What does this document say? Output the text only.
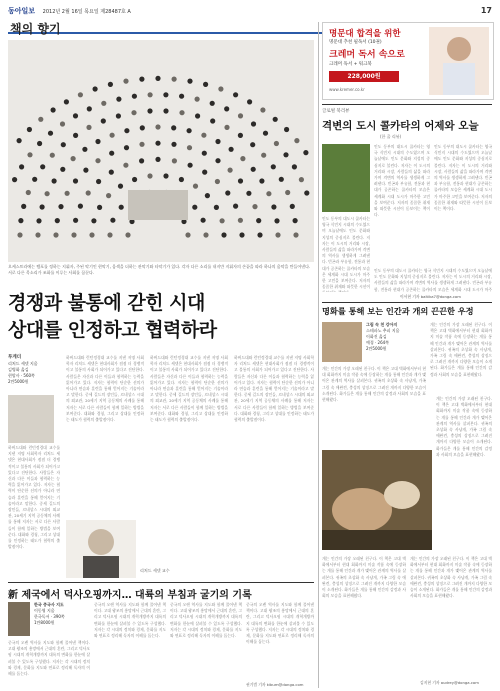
동아일보 2012년 2월 16일 목요일 제28487호 A	17
책의 향기
오케스트라에는 템포를 정하는 지휘자, 주된 악기인 현악기, 음색을 더하는 관악기와 타악기가 있다. 각자 다른 소리를 내지만 지휘자의 손끝을 따라 하나의 음악을 만들어낸다. 서로 다른 목소리가 조화를 이루는 사회를 꿈꾼다.
경쟁과 불통에 갇힌 시대
상대를 인정하고 협력하라
투게더
리처드 세넷 지음
김병화 옮김
현암사 · 560쪽
2만5000원
하버드대와 런던정경대 교수를 지낸 저명 사회학자 리처드 세넷은 현대사회가 점점 더 경쟁적이고 불통의 사회가 되어가고 있다고 진단한다. 사람들은 자신과 다른 이들과 협력하는 능력을 잃어가고 있다. 저자는 협력이 단순한 선의가 아니라 연습과 훈련을 통해 얻어지는 기술이라고 말한다. 중세 길드의 장인들, 르네상스 시대의 외교관, 20세기 지역 공동체의 사례를 통해 저자는 서로 다른 사람들이 함께 일하는 방법을 보여준다. 대화와 경청, 그리고 상대를 인정하는 태도가 협력의 출발점이다.
하버드대와 런던정경대 교수를 지낸 저명 사회학자 리처드 세넷은 현대사회가 점점 더 경쟁적이고 불통의 사회가 되어가고 있다고 진단한다. 사람들은 자신과 다른 이들과 협력하는 능력을 잃어가고 있다. 저자는 협력이 단순한 선의가 아니라 연습과 훈련을 통해 얻어지는 기술이라고 말한다. 중세 길드의 장인들, 르네상스 시대의 외교관, 20세기 지역 공동체의 사례를 통해 저자는 서로 다른 사람들이 함께 일하는 방법을 보여준다. 대화와 경청, 그리고 상대를 인정하는 태도가 협력의 출발점이다.
하버드대와 런던정경대 교수를 지낸 저명 사회학자 리처드 세넷은 현대사회가 점점 더 경쟁적이고 불통의 사회가 되어가고 있다고 진단한다. 사람들은 자신과 다른 이들과 협력하는 능력을 잃어가고 있다. 저자는 협력이 단순한 선의가 아니라 연습과 훈련을 통해 얻어지는 기술이라고 말한다. 중세 길드의 장인들, 르네상스 시대의 외교관, 20세기 지역 공동체의 사례를 통해 저자는 서로 다른 사람들이 함께 일하는 방법을 보여준다. 대화와 경청, 그리고 상대를 인정하는 태도가 협력의 출발점이다.
하버드대와 런던정경대 교수를 지낸 저명 사회학자 리처드 세넷은 현대사회가 점점 더 경쟁적이고 불통의 사회가 되어가고 있다고 진단한다. 사람들은 자신과 다른 이들과 협력하는 능력을 잃어가고 있다. 저자는 협력이 단순한 선의가 아니라 연습과 훈련을 통해 얻어지는 기술이라고 말한다. 중세 길드의 장인들, 르네상스 시대의 외교관, 20세기 지역 공동체의 사례를 통해 저자는 서로 다른 사람들이 함께 일하는 방법을 보여준다. 대화와 경청, 그리고 상대를 인정하는 태도가 협력의 출발점이다.
리처드 세넷 교수
新 제국에서 덕사오핑까지… 대륙의 부침과 굴기의 기록
한국 중국사 지도
이동영 지음
한국독서 · 390쪽
1만8000원
중국의 오랜 역사를 지도와 함께 풀어낸 책이다. 고대 왕조의 흥망에서 근대의 혼란, 그리고 덕사오핑 시대의 개혁개방까지 대륙의 변화를 한눈에 살펴볼 수 있도록 구성했다. 저자는 각 시대의 정치와 경제, 문화를 지도와 연표로 정리해 독자의 이해를 돕는다.
중국의 오랜 역사를 지도와 함께 풀어낸 책이다. 고대 왕조의 흥망에서 근대의 혼란, 그리고 덕사오핑 시대의 개혁개방까지 대륙의 변화를 한눈에 살펴볼 수 있도록 구성했다. 저자는 각 시대의 정치와 경제, 문화를 지도와 연표로 정리해 독자의 이해를 돕는다.
중국의 오랜 역사를 지도와 함께 풀어낸 책이다. 고대 왕조의 흥망에서 근대의 혼란, 그리고 덕사오핑 시대의 개혁개방까지 대륙의 변화를 한눈에 살펴볼 수 있도록 구성했다. 저자는 각 시대의 정치와 경제, 문화를 지도와 연표로 정리해 독자의 이해를 돕는다.
중국의 오랜 역사를 지도와 함께 풀어낸 책이다. 고대 왕조의 흥망에서 근대의 혼란, 그리고 덕사오핑 시대의 개혁개방까지 대륙의 변화를 한눈에 살펴볼 수 있도록 구성했다. 저자는 각 시대의 정치와 경제, 문화를 지도와 연표로 정리해 독자의 이해를 돕는다.
권기범 기자 kibum@donga.com
명문대 합격을 위한
명문대 추천 필독서 (10권)
크레머 독서 속으로
크레머 독서 + 워크북
228,000원
www.kremer.co.kr
글로벌 북리뷰
격변의 도시 콜카타의 어제와 오늘
(한 줄 리뷰)
인도 동부의 대도시 콜카타는 영국 식민지 시대의 수도였으며 오늘날에도 인도 문화와 지성의 중심지로 불린다. 저자는 이 도시의 거리와 시장, 사람들의 삶을 따라가며 격변의 역사를 생생하게 그려낸다. 빈곤과 부유함, 전통과 현대가 공존하는 콜카타의 모습은 세계화 시대 도시가 마주한 고민을 보여준다. 저자의 꼼꼼한 취재와 따뜻한 시선이 돋보이는 책이다.
인도 동부의 대도시 콜카타는 영국 식민지 시대의 수도였으며 오늘날에도 인도 문화와 지성의 중심지로 불린다. 저자는 이 도시의 거리와 시장, 사람들의 삶을 따라가며 격변의 역사를 생생하게 그려낸다. 빈곤과 부유함, 전통과 현대가 공존하는 콜카타의 모습은 세계화 시대 도시가 마주한 고민을 보여준다. 저자의 꼼꼼한 취재와 따뜻한 시선이 돋보이는 책이다.
인도 동부의 대도시 콜카타는 영국 식민지 시대의 수도였으며 오늘날에도 인도 문화와 지성의 중심지로 불린다. 저자는 이 도시의 거리와 시장, 사람들의 삶을 따라가며 격변의 역사를 생생하게 그려낸다. 빈곤과 부유함, 전통과 현대가 공존하는 콜카타의 모습은 세계화 시대 도시가 마주한 고민을 보여준다. 저자의 꼼꼼한 취재와 따뜻한 시선이
인도 동부의 대도시 콜카타는 영국 식민지 시대의 수도였으며 오늘날에도 인도 문화와 지성의 중심지로 불린다. 저자는 이 도시의 거리와 시장, 사람들의 삶을 따라가며 격변의 역사를 생생하게 그려낸다. 빈곤과 부유함, 전통과 현대가 공존하는 콜카타의 모습은 세계화 시대 도시가 마주
이서현 기자 baltika7@donga.com
명화를 통해 보는 인간과 개의 끈끈한 우정
그림 속 천 강아지
스테파노 추피 지음
이화진 옮김
예경 · 264쪽
2만5000원
개는 인간의 가장 오래된 친구다. 이 책은 고대 벽화에서부터 현대 회화까지 미술 작품 속에 등장하는 개를 통해 인간과 개가 맺어온 관계의 역사를 살펴본다. 귀족의 초상화 속 사냥개, 가족 그림 속 애완견, 충성의 상징으로 그려진 개까지 다양한 모습이 소개된다. 화가들은 개를 통해 인간의 감정과 사회의 모습을 표현해왔다.
개는 인간의 가장 오래된 친구다. 이 책은 고대 벽화에서부터 현대 회화까지 미술 작품 속에 등장하는 개를 통해 인간과 개가 맺어온 관계의 역사를 살펴본다. 귀족의 초상화 속 사냥개, 가족 그림 속 애완견, 충성의 상징으로 그려진 개까지 다양한 모습이 소개된다. 화가들은 개를 통해 인간의 감정과 사회의 모습을 표현해왔다.	개는 인간의 가장 오래된 친구다. 이 책은 고대 벽화에서부터 현대 회화까지 미술 작품 속에 등장하는 개를 통해 인간과 개가 맺어온 관계의 역사를 살펴본다. 귀족의 초상화 속 사냥개, 가족 그림 속 애완견, 충성의 상징으로 그려진 개까지 다양한 모습이 소개된다. 화가들은 개를 통해 인간의 감정과 사회의 모습을 표현해왔다.
개는 인간의 가장 오래된 친구다. 이 책은 고대 벽화에서부터 현대 회화까지 미술 작품 속에 등장하는 개를 통해 인간과 개가 맺어온 관계의 역사를 살펴본다. 귀족의 초상화 속 사냥개, 가족 그림 속 애완견, 충성의 상징으로 그려진 개까지 다양한 모습이 소개된다. 화가들은 개를 통해 인간의 감정과 사회의 모습을 표현해왔다.
개는 인간의 가장 오래된 친구다. 이 책은 고대 벽화에서부터 현대 회화까지 미술 작품 속에 등장하는 개를 통해 인간과 개가 맺어온 관계의 역사를 살펴본다. 귀족의 초상화 속 사냥개, 가족 그림 속 애완견, 충성의 상징으로 그려진 개까지 다양한 모습이 소개된다. 화가들은 개를 통해 인간의 감정과 사회의 모습을 표현해왔다.
김지현 기자 audrey@donga.com
